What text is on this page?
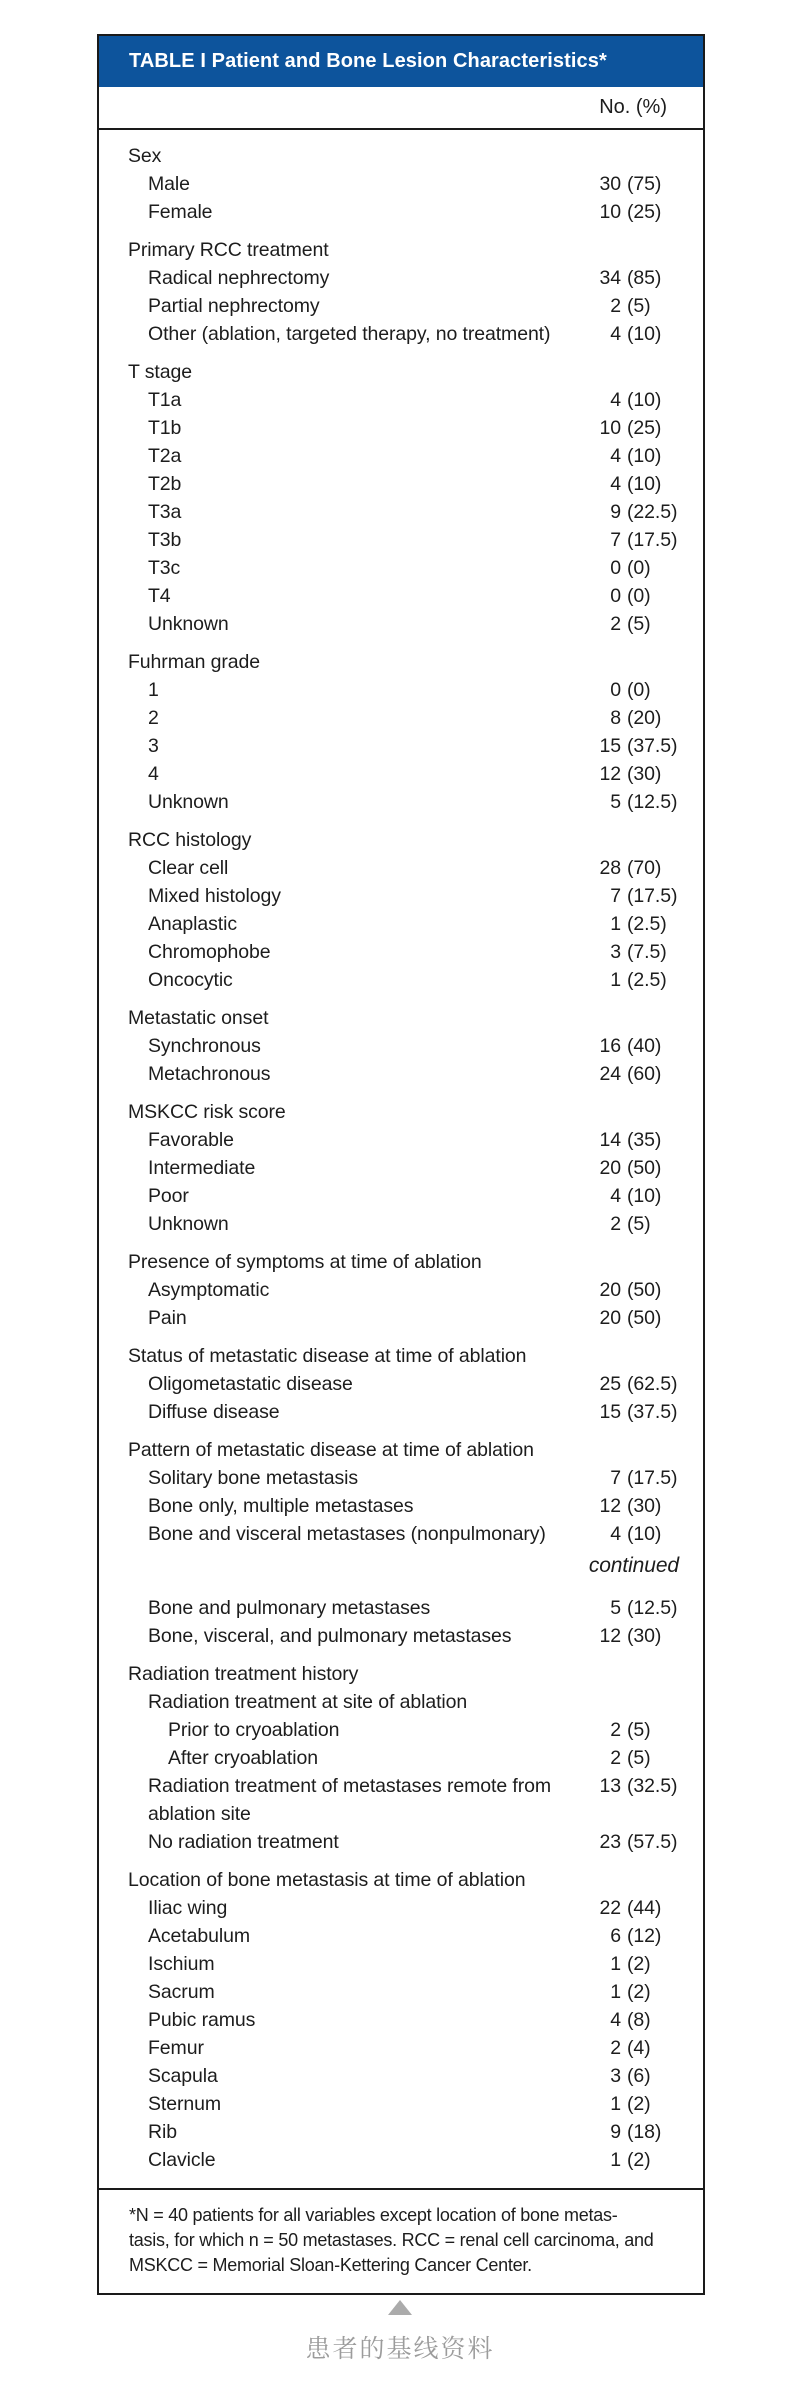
TABLE I Patient and Bone Lesion Characteristics*
No. (%)
Sex
Male	30 (75)
Female	10 (25)
Primary RCC treatment
Radical nephrectomy	34 (85)
Partial nephrectomy	2 (5)
Other (ablation, targeted therapy, no treatment)	4 (10)
T stage
T1a	4 (10)
T1b	10 (25)
T2a	4 (10)
T2b	4 (10)
T3a	9 (22.5)
T3b	7 (17.5)
T3c	0 (0)
T4	0 (0)
Unknown	2 (5)
Fuhrman grade
1	0 (0)
2	8 (20)
3	15 (37.5)
4	12 (30)
Unknown	5 (12.5)
RCC histology
Clear cell	28 (70)
Mixed histology	7 (17.5)
Anaplastic	1 (2.5)
Chromophobe	3 (7.5)
Oncocytic	1 (2.5)
Metastatic onset
Synchronous	16 (40)
Metachronous	24 (60)
MSKCC risk score
Favorable	14 (35)
Intermediate	20 (50)
Poor	4 (10)
Unknown	2 (5)
Presence of symptoms at time of ablation
Asymptomatic	20 (50)
Pain	20 (50)
Status of metastatic disease at time of ablation
Oligometastatic disease	25 (62.5)
Diffuse disease	15 (37.5)
Pattern of metastatic disease at time of ablation
Solitary bone metastasis	7 (17.5)
Bone only, multiple metastases	12 (30)
Bone and visceral metastases (nonpulmonary)	4 (10)
continued
Bone and pulmonary metastases	5 (12.5)
Bone, visceral, and pulmonary metastases	12 (30)
Radiation treatment history
Radiation treatment at site of ablation
Prior to cryoablation	2 (5)
After cryoablation	2 (5)
Radiation treatment of metastases remote from ablation site
13 (32.5)
No radiation treatment	23 (57.5)
Location of bone metastasis at time of ablation
Iliac wing	22 (44)
Acetabulum	6 (12)
Ischium	1 (2)
Sacrum	1 (2)
Pubic ramus	4 (8)
Femur	2 (4)
Scapula	3 (6)
Sternum	1 (2)
Rib	9 (18)
Clavicle	1 (2)
*N = 40 patients for all variables except location of bone metas-
tasis, for which n = 50 metastases. RCC = renal cell carcinoma, and
MSKCC = Memorial Sloan-Kettering Cancer Center.
患者的基线资料
